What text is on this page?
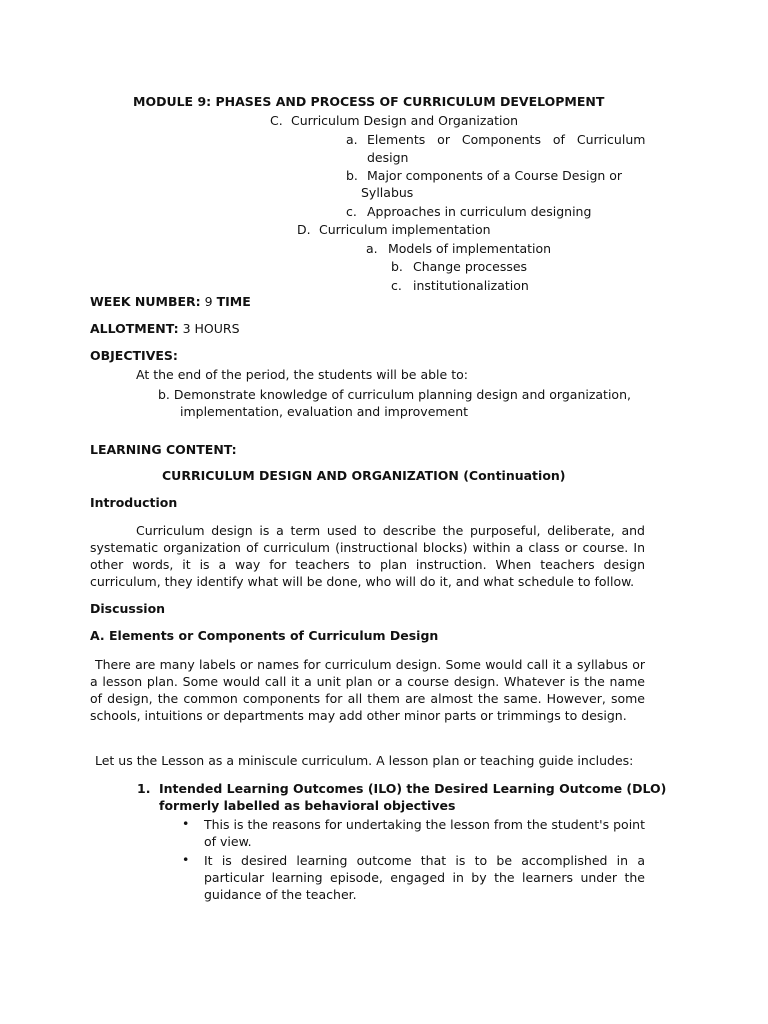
MODULE 9: PHASES AND PROCESS OF CURRICULUM DEVELOPMENT
C. Curriculum Design and Organization
a. Elements   or   Components   of   Curriculum
design
b. Major components of a Course Design or
Syllabus
c. Approaches in curriculum designing
D. Curriculum implementation
a. Models of implementation
b. Change processes
c. institutionalization
WEEK NUMBER: 9 TIME
ALLOTMENT: 3 HOURS
OBJECTIVES:
At the end of the period, the students will be able to:
b. Demonstrate knowledge of curriculum planning design and organization,
implementation, evaluation and improvement
LEARNING CONTENT:
CURRICULUM DESIGN AND ORGANIZATION (Continuation)
Introduction
Curriculum design is a term used to describe the purposeful, deliberate, and systematic organization of curriculum (instructional blocks) within a class or course. In other words, it is a way for teachers to plan instruction. When teachers design curriculum, they identify what will be done, who will do it, and what schedule to follow.
Discussion
A. Elements or Components of Curriculum Design
There are many labels or names for curriculum design. Some would call it a syllabus or a lesson plan. Some would call it a unit plan or a course design. Whatever is the name of design, the common components for all them are almost the same. However, some schools, intuitions or departments may add other minor parts or trimmings to design.
Let us the Lesson as a miniscule curriculum. A lesson plan or teaching guide includes:
1. Intended Learning Outcomes (ILO) the Desired Learning Outcome (DLO)
formerly labelled as behavioral objectives
• This is the reasons for undertaking the lesson from the student's point of view.
• It is desired learning outcome that is to be accomplished in a particular learning episode, engaged in by the learners under the guidance of the teacher.
